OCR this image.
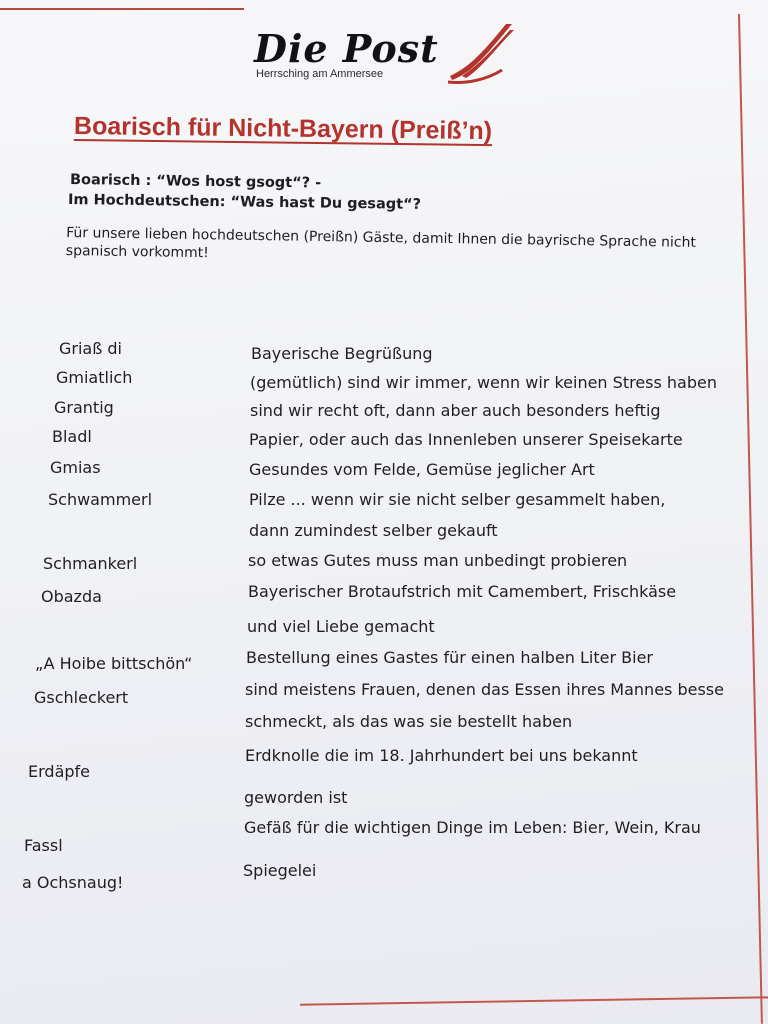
Die Post
Herrsching am Ammersee
Boarisch für Nicht-Bayern (Preiß’n)
Boarisch : “Wos host gsogt“? -
Im Hochdeutschen: “Was hast Du gesagt“?
Für unsere lieben hochdeutschen (Preißn) Gäste, damit Ihnen die bayrische Sprache nicht spanisch vorkommt!
Griaß di
Gmiatlich
Grantig
Bladl
Gmias
Schwammerl
Schmankerl
Obazda
„A Hoibe bittschön“
Gschleckert
Erdäpfe
Fassl
a Ochsnaug!
Bayerische Begrüßung
(gemütlich) sind wir immer, wenn wir keinen Stress haben
sind wir recht oft, dann aber auch besonders heftig
Papier, oder auch das Innenleben unserer Speisekarte
Gesundes vom Felde, Gemüse jeglicher Art
Pilze ... wenn wir sie nicht selber gesammelt haben,
dann zumindest selber gekauft
so etwas Gutes muss man unbedingt probieren
Bayerischer Brotaufstrich mit Camembert, Frischkäse
und viel Liebe gemacht
Bestellung eines Gastes für einen halben Liter Bier
sind meistens Frauen, denen das Essen ihres Mannes besse
schmeckt, als das was sie bestellt haben
Erdknolle die im 18. Jahrhundert bei uns bekannt
geworden ist
Gefäß für die wichtigen Dinge im Leben: Bier, Wein, Krau
Spiegelei
